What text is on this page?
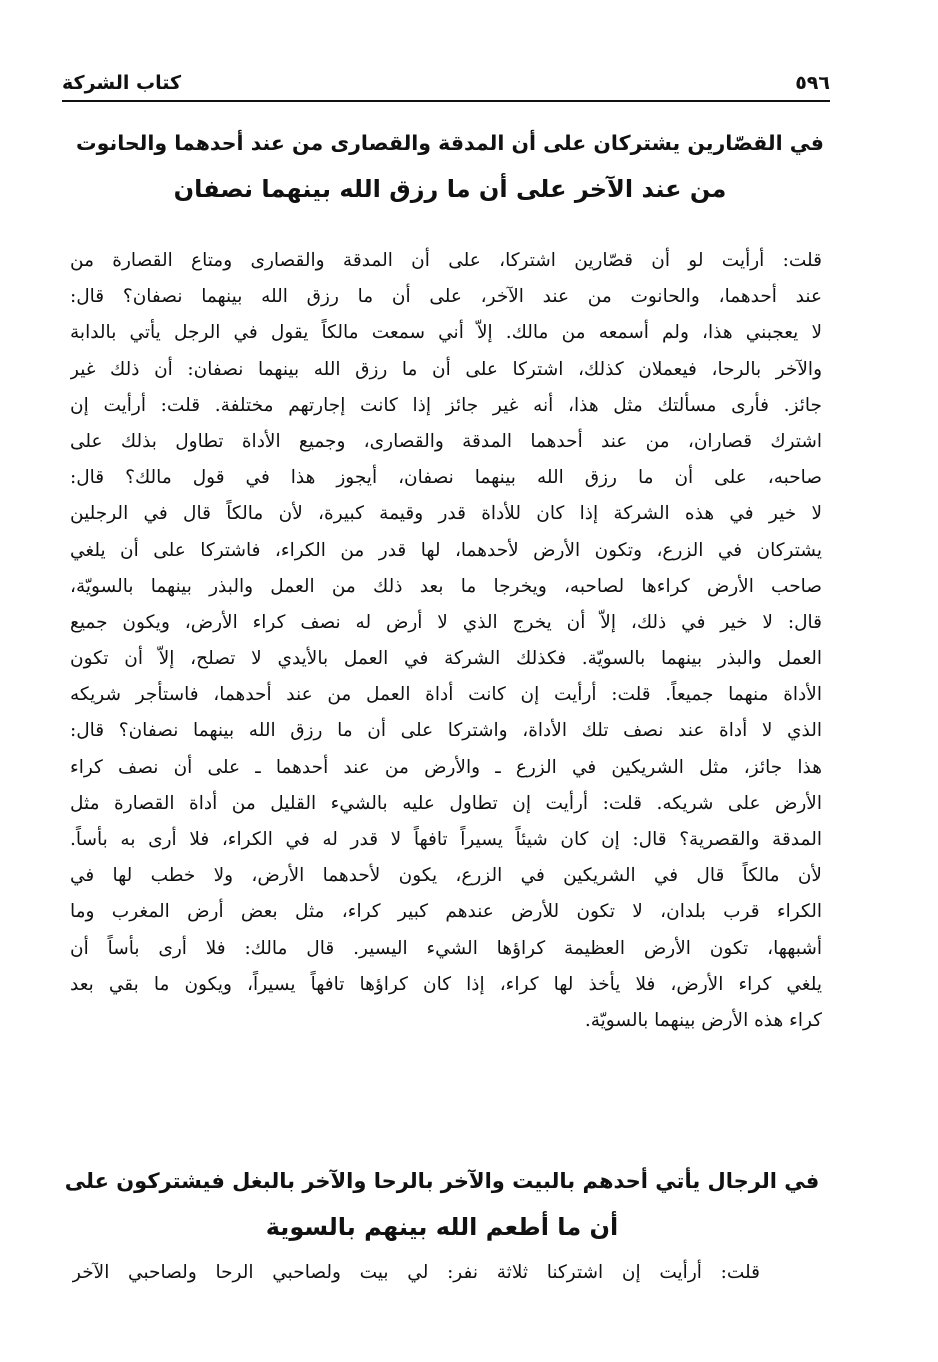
٥٩٦
كتاب الشركة
في القصّارين يشتركان على أن المدقة والقصارى من عند أحدهما والحانوت
من عند الآخر على أن ما رزق الله بينهما نصفان
قلت: أرأيت لو أن قصّارين اشتركا، على أن المدقة والقصارى ومتاع القصارة من
عند أحدهما، والحانوت من عند الآخر، على أن ما رزق الله بينهما نصفان؟ قال:
لا يعجبني هذا، ولم أسمعه من مالك. إلاّ أني سمعت مالكاً يقول في الرجل يأتي بالدابة
والآخر بالرحا، فيعملان كذلك، اشتركا على أن ما رزق الله بينهما نصفان: أن ذلك غير
جائز. فأرى مسألتك مثل هذا، أنه غير جائز إذا كانت إجارتهم مختلفة. قلت: أرأيت إن
اشترك قصاران، من عند أحدهما المدقة والقصارى، وجميع الأداة تطاول بذلك على
صاحبه، على أن ما رزق الله بينهما نصفان، أيجوز هذا في قول مالك؟ قال:
لا خير في هذه الشركة إذا كان للأداة قدر وقيمة كبيرة، لأن مالكاً قال في الرجلين
يشتركان في الزرع، وتكون الأرض لأحدهما، لها قدر من الكراء، فاشتركا على أن يلغي
صاحب الأرض كراءها لصاحبه، ويخرجا ما بعد ذلك من العمل والبذر بينهما بالسويّة،
قال: لا خير في ذلك، إلاّ أن يخرج الذي لا أرض له نصف كراء الأرض، ويكون جميع
العمل والبذر بينهما بالسويّة. فكذلك الشركة في العمل بالأيدي لا تصلح، إلاّ أن تكون
الأداة منهما جميعاً. قلت: أرأيت إن كانت أداة العمل من عند أحدهما، فاستأجر شريكه
الذي لا أداة عند نصف تلك الأداة، واشتركا على أن ما رزق الله بينهما نصفان؟ قال:
هذا جائز، مثل الشريكين في الزرع ـ والأرض من عند أحدهما ـ على أن نصف كراء
الأرض على شريكه. قلت: أرأيت إن تطاول عليه بالشيء القليل من أداة القصارة مثل
المدقة والقصرية؟ قال: إن كان شيئاً يسيراً تافهاً لا قدر له في الكراء، فلا أرى به بأساً.
لأن مالكاً قال في الشريكين في الزرع، يكون لأحدهما الأرض، ولا خطب لها في
الكراء قرب بلدان، لا تكون للأرض عندهم كبير كراء، مثل بعض أرض المغرب وما
أشبهها، تكون الأرض العظيمة كراؤها الشيء اليسير. قال مالك: فلا أرى بأساً أن
يلغي كراء الأرض، فلا يأخذ لها كراء، إذا كان كراؤها تافهاً يسيراً، ويكون ما بقي بعد
كراء هذه الأرض بينهما بالسويّة.
في الرجال يأتي أحدهم بالبيت والآخر بالرحا والآخر بالبغل فيشتركون على
أن ما أطعم الله بينهم بالسوية
قلت: أرأيت إن اشتركنا ثلاثة نفر: لي بيت ولصاحبي الرحا ولصاحبي الآخر
